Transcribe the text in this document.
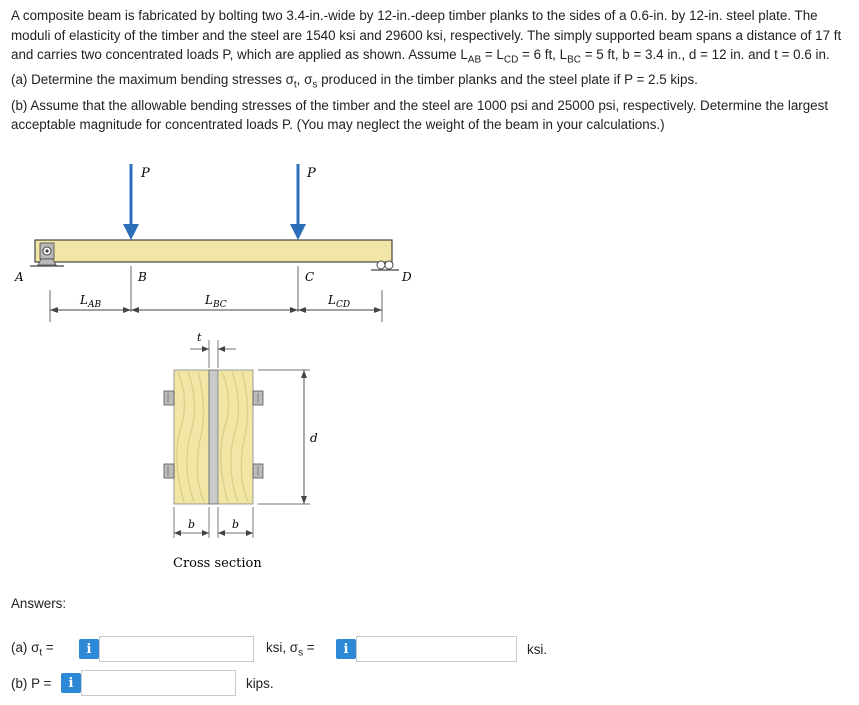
A composite beam is fabricated by bolting two 3.4-in.-wide by 12-in.-deep timber planks to the sides of a 0.6-in. by 12-in. steel plate. The moduli of elasticity of the timber and the steel are 1540 ksi and 29600 ksi, respectively. The simply supported beam spans a distance of 17 ft and carries two concentrated loads P, which are applied as shown. Assume $L_{AB} = L_{CD} = 6$ ft, $L_{BC} = 5$ ft, b = 3.4 in., d = 12 in. and t = 0.6 in.

(a) Determine the maximum bending stresses $\sigma_t$, $\sigma_s$ produced in the timber planks and the steel plate if P = 2.5 kips.

(b) Assume that the allowable bending stresses of the timber and the steel are 1000 psi and 25000 psi, respectively. Determine the largest acceptable magnitude for concentrated loads P. (You may neglect the weight of the beam in your calculations.)

P	P
A	D
B	C
$L_{AB}$	$L_{BC}$	$L_{CD}$
t
d
b	b
Cross section
Answers:
(a) $\sigma_t$ =	i	ksi, $\sigma_s$ =	i	ksi.
(b) P =	i	kips.
